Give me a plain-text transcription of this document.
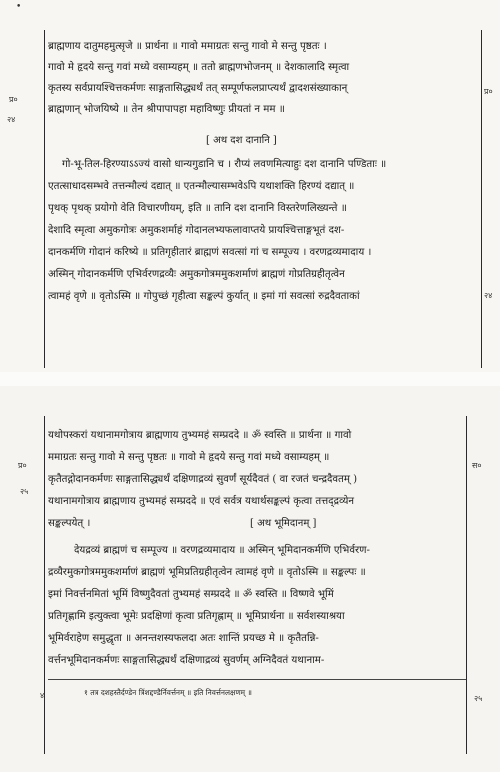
•
प्र०
२४
प्र०
२४
ब्राह्मणाय दातुमहमुत्सृजे ॥ प्रार्थना ॥ गावो ममाग्रतः सन्तु गावो मे सन्तु पृष्ठतः ।
गावो मे हृदये सन्तु गवां मध्ये वसाम्यहम् ॥ ततो ब्राह्मणभोजनम् ॥ देशकालादि स्मृत्वा
कृतस्य सर्वप्रायश्चित्तकर्मणः साङ्गतासिद्ध्यर्थं तत् सम्पूर्णफलप्राप्त्यर्थं द्वादशसंख्याकान्
ब्राह्मणान् भोजयिष्ये ॥ तेन श्रीपापापहा महाविष्णुः प्रीयतां न मम ॥
[ अथ दश दानानि ]
गो-भू-तिल-हिरण्याऽऽज्यं वासो धान्यगुडानि च । रौप्यं लवणमित्याहुः दश दानानि पण्डिताः ॥
एतत्साधादसम्भवे तत्तन्मौल्यं दद्यात् ॥ एतन्मौल्यासम्भवेऽपि यथाशक्ति हिरण्यं दद्यात् ॥
पृथक् पृथक् प्रयोगो वेति विचारणीयम्, इति ॥ तानि दश दानानि विस्तरेणलिख्यन्ते ॥
देशादि स्मृत्वा अमुकगोत्रः अमुकशर्माहं गोदानलभ्यफलावाप्तये प्रायश्चित्ताङ्गभूतं दश-
दानकर्मणि गोदानं करिष्ये ॥ प्रतिगृहीतारं ब्राह्मणं सवत्सां गां च सम्पूज्य । वरणद्रव्यमादाय ।
अस्मिन् गोदानकर्मणि एभिर्वरणद्रव्यैः अमुकगोत्रममुकशर्माणं ब्राह्मणं गोप्रतिग्रहीतृत्वेन
त्वामहं वृणे ॥ वृतोऽस्मि ॥ गोपुच्छं गृहीत्वा सङ्कल्पं कुर्यात् ॥ इमां गां सवत्सां रुद्रदैवताकां
प्र०
२५
४
स०
२५
यथोपस्करां यथानामगोत्राय ब्राह्मणाय तुभ्यमहं सम्प्रददे ॥ ॐ स्वस्ति ॥ प्रार्थना ॥ गावो
ममाग्रतः सन्तु गावो मे सन्तु पृष्ठतः ॥ गावो मे हृदये सन्तु गवां मध्ये वसाम्यहम् ॥
कृतैतद्गोदानकर्मणः साङ्गतासिद्ध्यर्थं दक्षिणाद्रव्यं सुवर्णं सूर्यदैवतं ( वा रजतं चन्द्रदैवतम् )
यथानामगोत्राय ब्राह्मणाय तुभ्यमहं सम्प्रददे ॥ एवं सर्वत्र यथार्थसङ्कल्पं कृत्वा तत्तद्द्रव्येन
सङ्कल्पयेत् ।	[ अथ भूमिदानम् ]
देयद्रव्यं ब्राह्मणं च सम्पूज्य ॥ वरणद्रव्यमादाय ॥ अस्मिन् भूमिदानकर्मणि एभिर्वरण-
द्रव्यैरमुकगोत्रममुकशर्माणं ब्राह्मणं भूमिप्रतिग्रहीतृत्वेन त्वामहं वृणे ॥ वृतोऽस्मि ॥ सङ्कल्पः ॥
इमां निवर्त्तनमितां भूमिं विष्णुदैवतां तुभ्यमहं सम्प्रददे ॥ ॐ स्वस्ति ॥ विष्णवे भूमिं
प्रतिगृह्णामि इत्युक्त्वा भूमेः प्रदक्षिणां कृत्वा प्रतिगृह्णाम् ॥ भूमिप्रार्थना ॥ सर्वशस्याश्रया
भूमिर्वराहेण समुद्धृता ॥ अनन्तशस्यफलदा अतः शान्तिं प्रयच्छ मे ॥ कृतैतन्नि-
वर्त्तनभूमिदानकर्मणः साङ्गतासिद्ध्यर्थं दक्षिणाद्रव्यं सुवर्णम् अग्निदैवतं यथानाम-
१ तत्र दशहस्तैर्दण्डेन त्रिंशद्दण्डैर्निवर्त्तनम् ॥ इति निवर्त्तनलक्षणम् ॥
